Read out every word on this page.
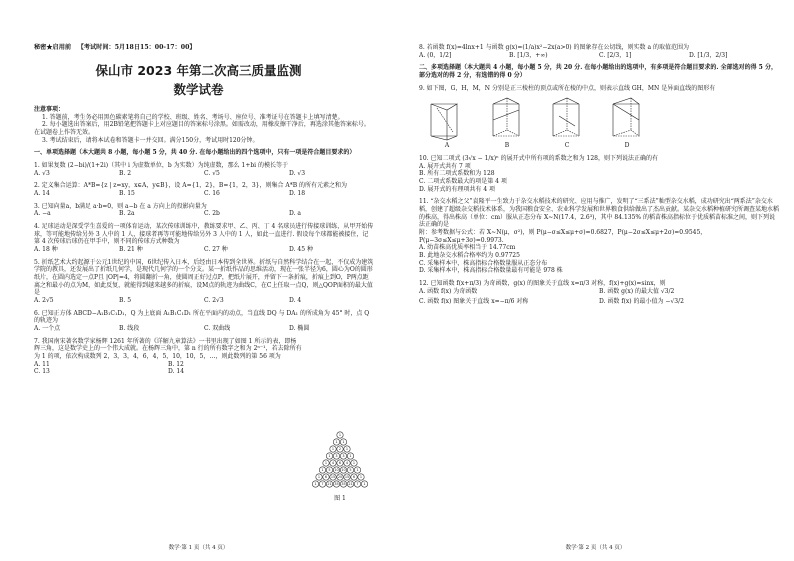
秘密★启用前 【考试时间：5月18日15：00-17：00】
保山市 2023 年第二次高三质量监测
数学试卷
注意事项：
1. 答题前，考生务必用黑色碳素笔将自己的学校、班级、姓名、考场号、座位号、准考证号在答题卡上填写清楚。
2. 每小题选出答案后，用2B铅笔把答题卡上对应题目的答案标号涂黑。如需改动，用橡皮擦干净后，再选涂其他答案标号。在试题卷上作答无效。
3. 考试结束后，请将本试卷和答题卡一并交回。满分150分，考试用时120分钟。
一、单项选择题（本大题共 8 小题，每小题 5 分，共 40 分. 在每小题给出的四个选项中，只有一项是符合题目要求的）
1. 如果复数 (2−bi)/(1+2i)（其中 i 为虚数单位，b 为实数）为纯虚数，那么 1+bi 的模长等于
A. √3	B. 2	C. √5	D. √3
2. 定义集合运算：A*B={z | z=xy，x∈A，y∈B}，设 A={1，2}，B={1，2，3}，则集合 A*B 的所有元素之和为
A. 14	B. 15	C. 16	D. 18
3. 已知向量a，b满足 a·b=0，则 a−b 在 a 方向上的投影向量为
A. −a	B. 2a	C. 2b	D. a
4. 足球运动是深受学生喜爱的一项体育运动，某次传球训练中，教练要求甲、乙、丙、丁 4 名球员进行传接球训练，从甲开始传球，等可能地传给另外 3 人中的 1 人，接球者再等可能地传给另外 3 人中的 1 人，如此一直进行. 假设每个球都能被接住，记第 4 次传球后球仍在甲手中，则不同的传球方式种数为
A. 18 种	B. 21 种	C. 27 种	D. 45 种
5. 折纸艺术大约起源于公元1世纪的中国，6世纪传入日本，后经由日本传到全世界。折纸与自然科学结合在一起，不仅成为建筑学院的教具，还发展出了折纸几何学，是现代几何学的一个分支。某一折纸作品的思维活动，现在一张半径为6，圆心为O的圆形纸片，在圆内选定一点P且 |OP|=4，将圆翻折一角，使圆周正好过点P，把纸片展开，并留下一条折痕，折痕上到O，P两点距离之和最小的点为M，如此反复，就能得到越来越多的折痕，设M点的轨迹为曲线C，在C上任取一点Q，则△QOP面积的最大值是
A. 2√5	B. 5	C. 2√3	D. 4
6. 已知正方体 ABCD−A₁B₁C₁D₁，Q 为上底面 A₁B₁C₁D₁ 所在平面内的动点，当直线 DQ 与 DA₁ 的所成角为 45° 时，点 Q 的轨迹为
A. 一个点	B. 线段	C. 双曲线	D. 椭圆
7. 我国南宋著名数学家杨辉 1261 年所著的《详解九章算法》一书里出现了如图 1 所示的表，即杨辉三角，这是数学史上的一个伟大成就。在杨辉三角中，第 n 行的所有数字之和为 2ⁿ⁻¹，若去除所有为 1 的项，依次构成数列 2，3，3，4，6，4，5，10，10，5，…，则此数列的第 56 项为
A. 11	B. 12
C. 13	D. 14
1
1 1
1 2 1
1 3 3 1
1 4 6 4 1
1 5 10 10 5 1
1 6 15 20 15 6 1
1 7 21 35 35 21 7 1
图 1
数学·第 1 页（共 4 页）
8. 若函数 f(x)=4lnx+1 与函数 g(x)=(1/a)x²−2x(a>0) 的图象存在公切线，则实数 a 的取值范围为
A. (0，1/2]	B. [1/3，+∞)	C. [2/3，1]	D. [1/3，2/3]
二、多项选择题（本大题共 4 小题，每小题 5 分，共 20 分. 在每小题给出的选项中，有多项是符合题目要求的. 全部选对的得 5 分，部分选对的得 2 分，有选错的得 0 分）
9. 如下图，G，H，M，N 分别是正三棱柱的顶点或所在棱的中点，则表示直线 GH，MN 是异面直线的图形有
A	B	C	D
10. 已知二项式 (3√x − 1/x)ⁿ 的展开式中所有项的系数之和为 128，则下列说法正确的有
A. 展开式共有 7 项
B. 所有二项式系数和为 128
C. 二项式系数最大的项是第 4 项
D. 展开式的有理项共有 4 项
11. “杂交水稻之父”袁隆平一生致力于杂交水稻技术的研究、应用与推广，发明了“三系法”籼型杂交水稻，成功研究出“两系法”杂交水稻，创建了超级杂交稻技术体系，为我国粮食安全、农业科学发展和世界粮食供给做出了杰出贡献。某杂交水稻种植研究所调查某地水稻的株高，得出株高（单位：cm）服从正态分布 X~N(17.4，2.6³)，其中 84.135% 的稻苗株高指标位于优质稻苗标准之间，则下列说法正确的是
附：参考数据与公式：若 X~N(μ，σ²)，则 P(μ−σ≤X≤μ+σ)=0.6827，P(μ−2σ≤X≤μ+2σ)=0.9545，P(μ−3σ≤X≤μ+3σ)=0.9973.
A. 幼苗株高优质率相当于 14.77cm
B. 此地杂交水稻合格率约为 0.97725
C. 采集样本中，株高指标合格数量服从正态分布
D. 采集样本中，株高指标合格数量最有可能是 978 株
12. 已知函数 f(x+π/3) 为奇函数，g(x) 的图象关于直线 x=π/3 对称，f(x)+g(x)=sinx，则
A. 函数 f(x) 为奇函数	B. 函数 g(x) 的最大值 √3/2
C. 函数 f(x) 图象关于直线 x=−π/6 对称	D. 函数 f(x) 的最小值为 −√3/2
数学·第 2 页（共 4 页）
